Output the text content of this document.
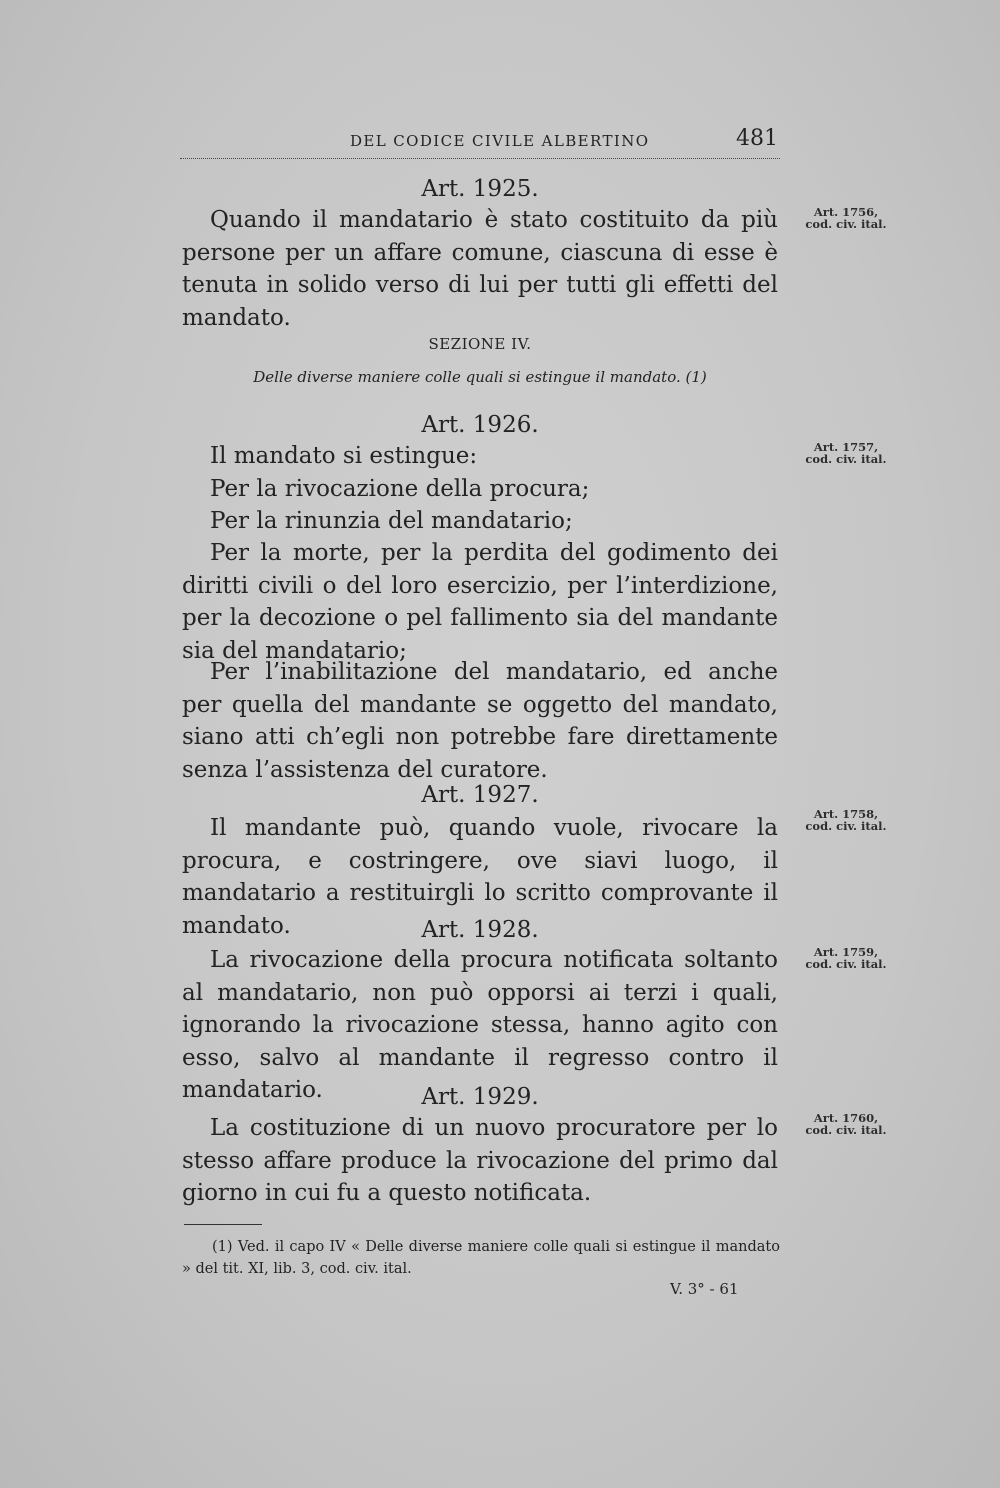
DEL CODICE CIVILE ALBERTINO	481
Art. 1925.

Quando il mandatario è stato costituito da più persone per un affare comune, ciascuna di esse è tenuta in solido verso di lui per tutti gli effetti del mandato.

Art. 1756,
cod. civ. ital.
SEZIONE IV.
Delle diverse maniere colle quali si estingue il mandato. (1)
Art. 1926.
Art. 1757,
cod. civ. ital.

Il mandato si estingue:

Per la rivocazione della procura;

Per la rinunzia del mandatario;

Per la morte, per la perdita del godimento dei diritti civili o del loro esercizio, per l’interdizione, per la decozione o pel fallimento sia del mandante sia del mandatario;

Per l’inabilitazione del mandatario, ed anche per quella del mandante se oggetto del mandato, siano atti ch’egli non potrebbe fare direttamente senza l’assistenza del curatore.

Art. 1927.

Il mandante può, quando vuole, rivocare la procura, e costringere, ove siavi luogo, il mandatario a restituirgli lo scritto comprovante il mandato.

Art. 1758,
cod. civ. ital.
Art. 1928.

La rivocazione della procura notificata soltanto al mandatario, non può opporsi ai terzi i quali, ignorando la rivocazione stessa, hanno agito con esso, salvo al mandante il regresso contro il mandatario.

Art. 1759,
cod. civ. ital.
Art. 1929.

La costituzione di un nuovo procuratore per lo stesso affare produce la rivocazione del primo dal giorno in cui fu a questo notificata.

Art. 1760,
cod. civ. ital.

(1) Ved. il capo IV « Delle diverse maniere colle quali si estingue il mandato » del tit. XI, lib. 3, cod. civ. ital.

V. 3° - 61
